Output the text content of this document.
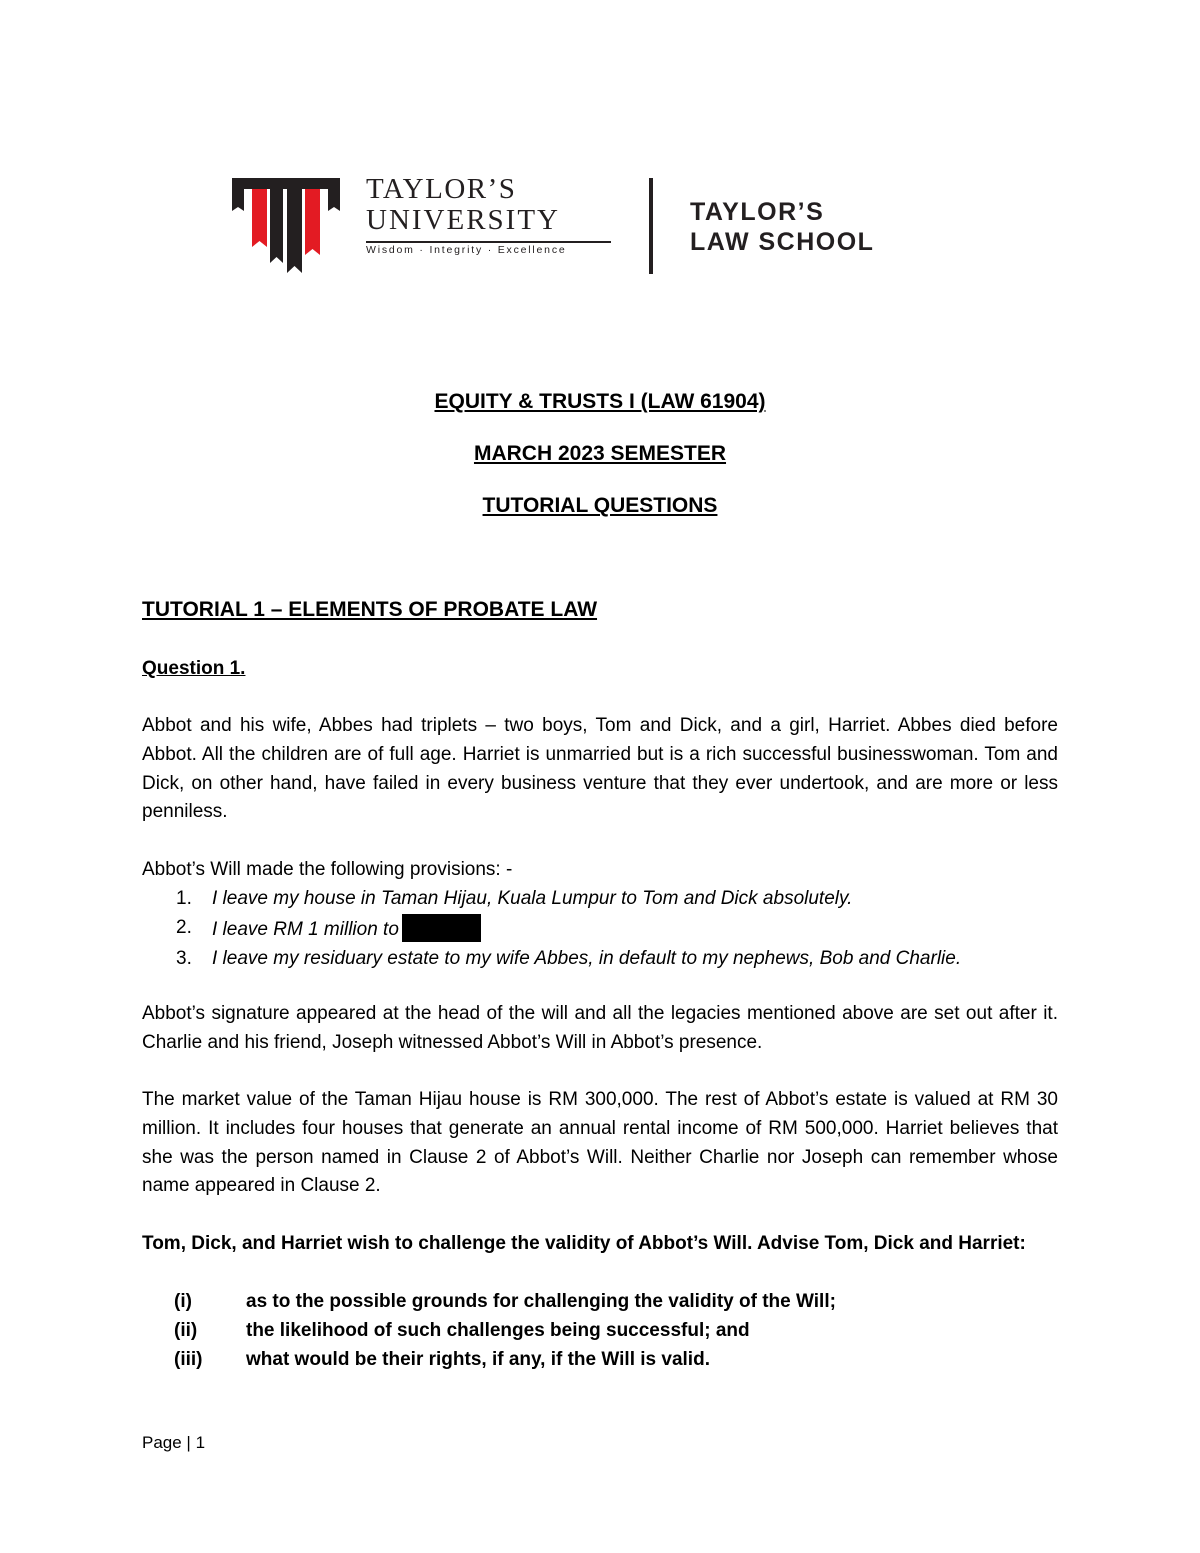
TAYLOR’S
UNIVERSITY
Wisdom · Integrity · Excellence
TAYLOR’S
LAW SCHOOL
EQUITY & TRUSTS I (LAW 61904)
MARCH 2023 SEMESTER
TUTORIAL QUESTIONS
TUTORIAL 1 – ELEMENTS OF PROBATE LAW
Question 1.
Abbot and his wife, Abbes had triplets – two boys, Tom and Dick, and a girl, Harriet. Abbes died before Abbot. All the children are of full age. Harriet is unmarried but is a rich successful businesswoman. Tom and Dick, on other hand, have failed in every business venture that they ever undertook, and are more or less penniless.
Abbot’s Will made the following provisions: -
1. I leave my house in Taman Hijau, Kuala Lumpur to Tom and Dick absolutely.
2. I leave RM 1 million to
3. I leave my residuary estate to my wife Abbes, in default to my nephews, Bob and Charlie.
Abbot’s signature appeared at the head of the will and all the legacies mentioned above are set out after it. Charlie and his friend, Joseph witnessed Abbot’s Will in Abbot’s presence.
The market value of the Taman Hijau house is RM 300,000. The rest of Abbot’s estate is valued at RM 30 million. It includes four houses that generate an annual rental income of RM 500,000. Harriet believes that she was the person named in Clause 2 of Abbot’s Will. Neither Charlie nor Joseph can remember whose name appeared in Clause 2.
Tom, Dick, and Harriet wish to challenge the validity of Abbot’s Will. Advise Tom, Dick and Harriet:
(i)	as to the possible grounds for challenging the validity of the Will;
(ii)	the likelihood of such challenges being successful; and
(iii) what would be their rights, if any, if the Will is valid.
Page | 1
